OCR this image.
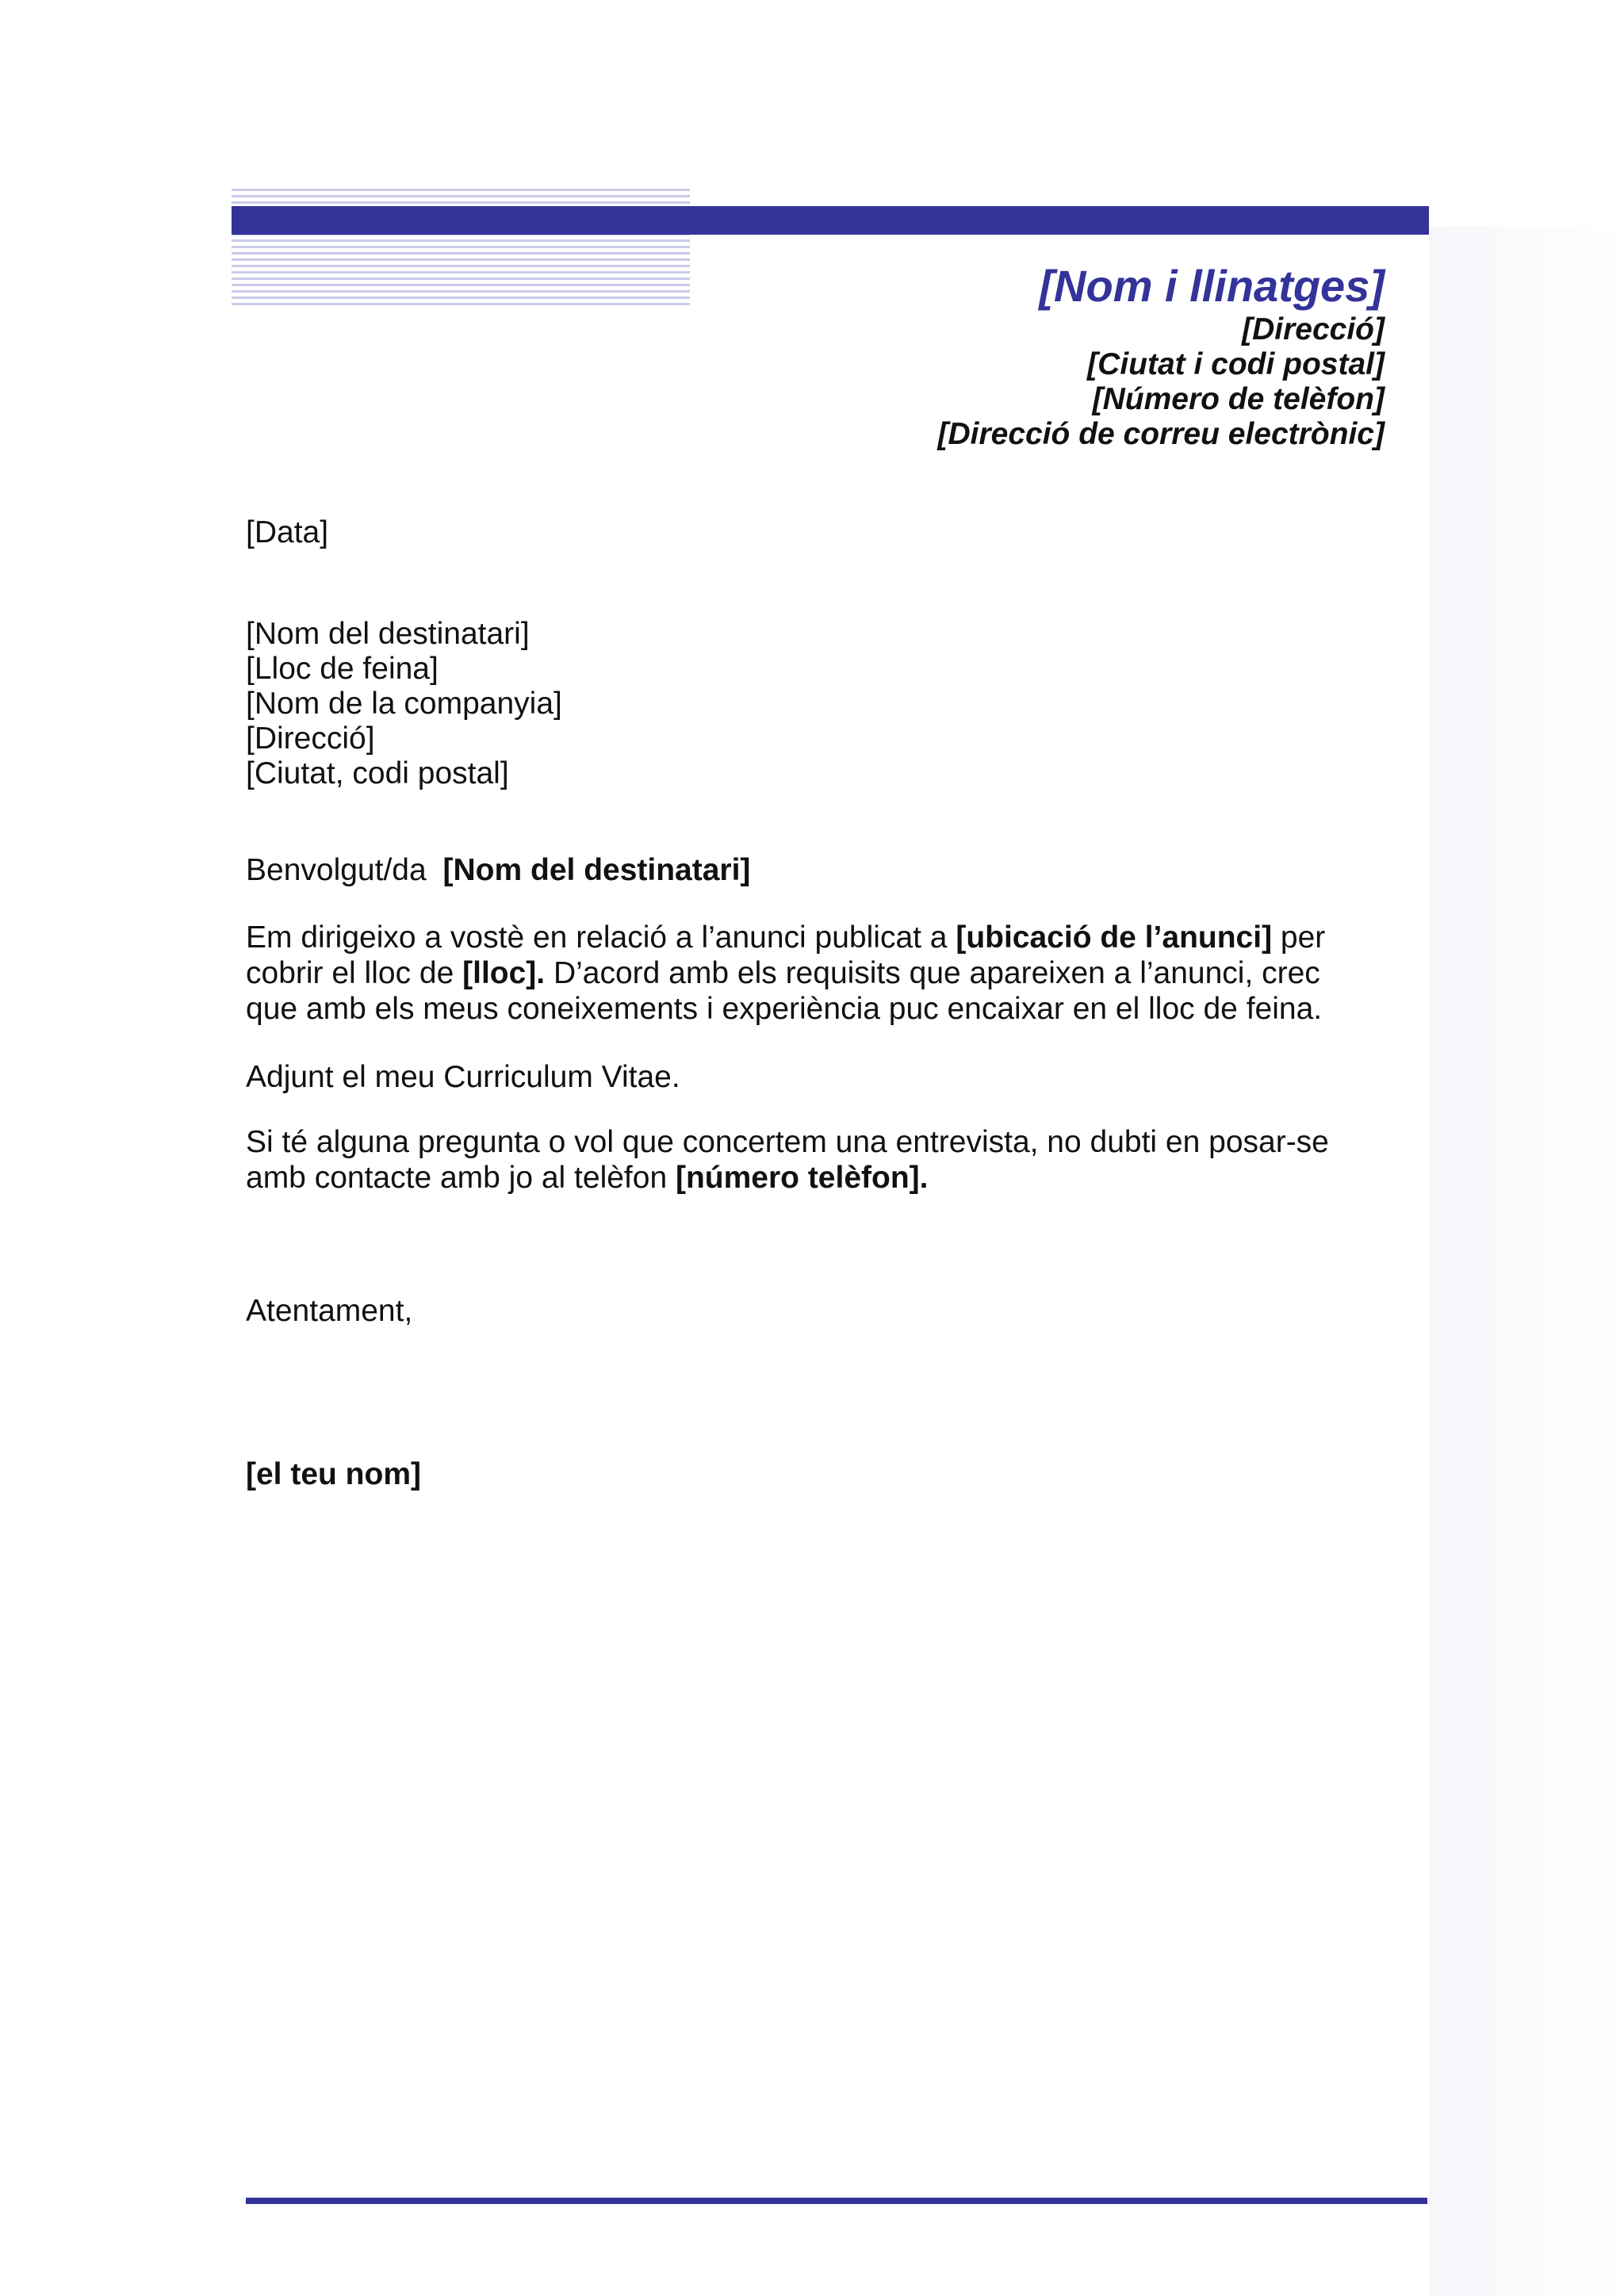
[Nom i llinatges]
[Direcció]
[Ciutat i codi postal]
[Número de telèfon]
[Direcció de correu electrònic]
[Data]
[Nom del destinatari]
[Lloc de feina]
[Nom de la companyia]
[Direcció]
[Ciutat, codi postal]
Benvolgut/da [Nom del destinatari]
Em dirigeixo a vostè en relació a l’anunci publicat a [ubicació de l’anunci] per cobrir el lloc de [lloc]. D’acord amb els requisits que apareixen a l’anunci, crec que amb els meus coneixements i experiència puc encaixar en el lloc de feina.
Adjunt el meu Curriculum Vitae.
Si té alguna pregunta o vol que concertem una entrevista, no dubti en posar-se amb contacte amb jo al telèfon [número telèfon].
Atentament,
[el teu nom]
